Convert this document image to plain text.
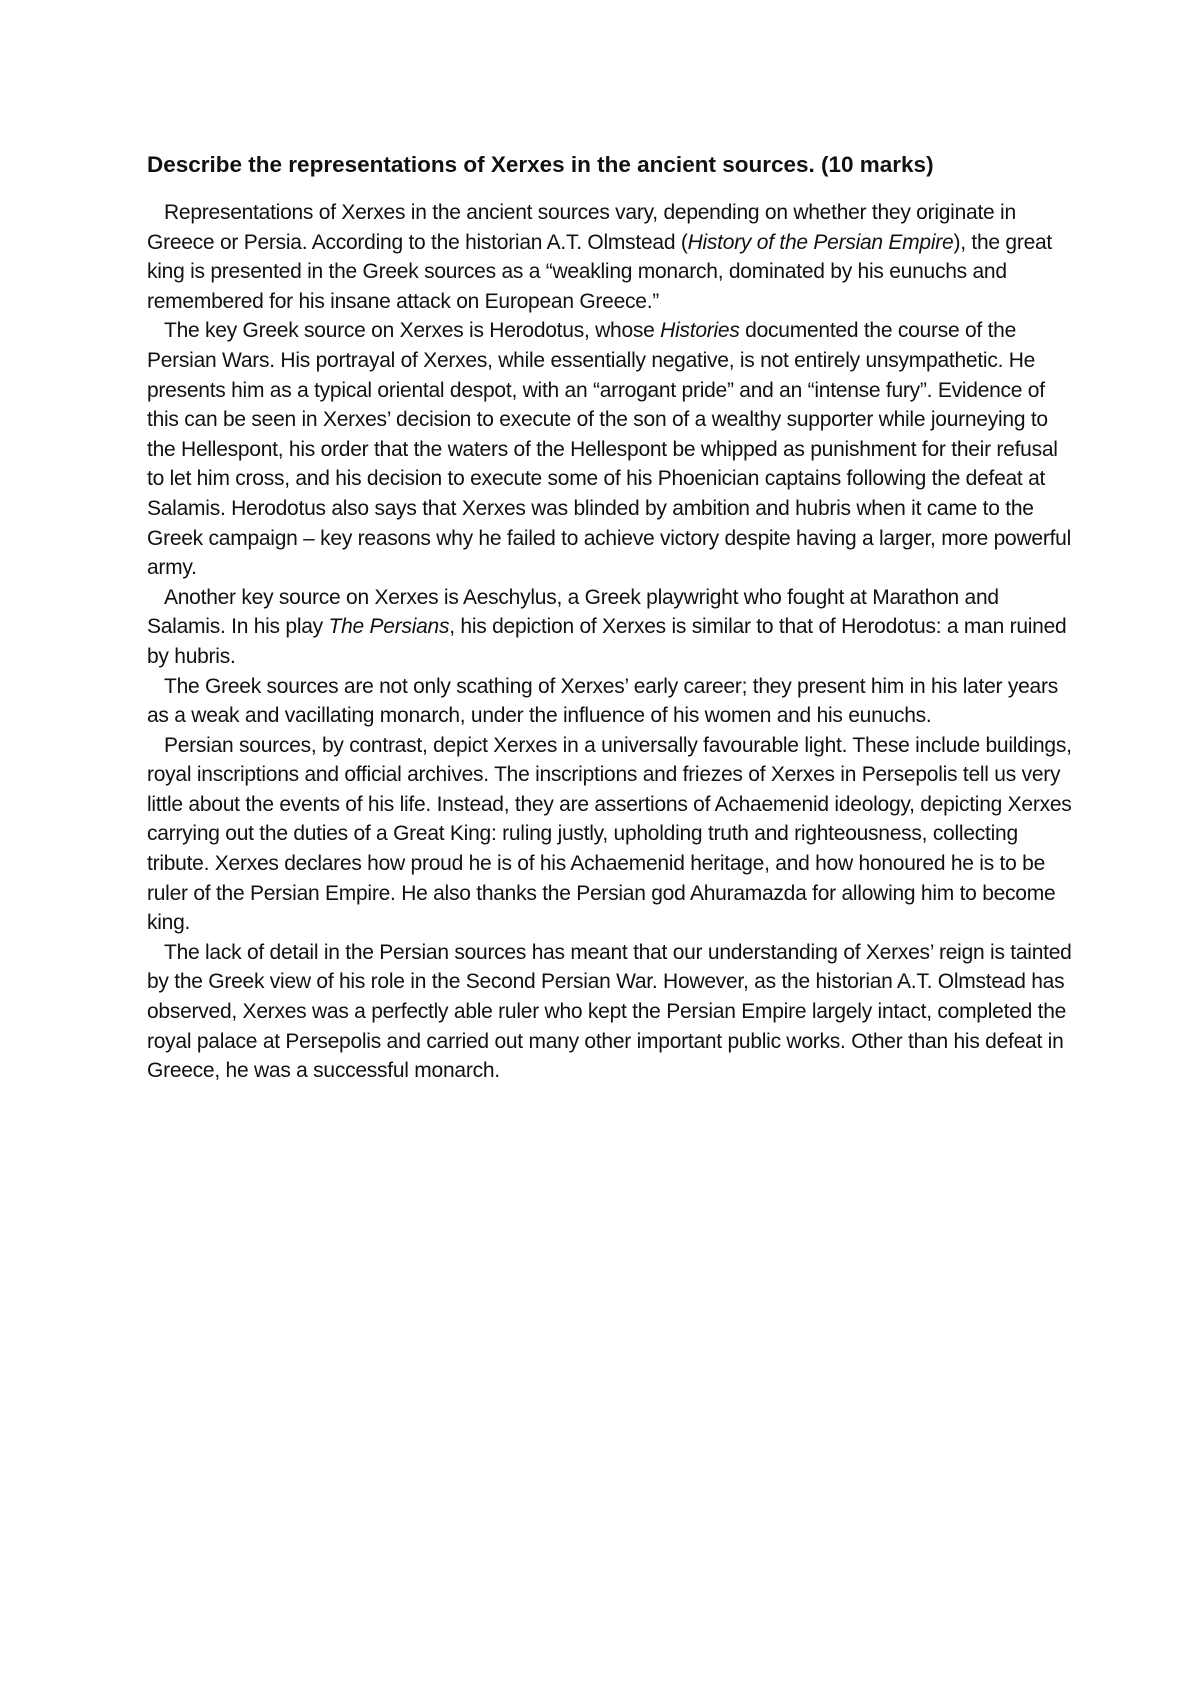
Describe the representations of Xerxes in the ancient sources. (10 marks)

Representations of Xerxes in the ancient sources vary, depending on whether they originate in Greece or Persia. According to the historian A.T. Olmstead (History of the Persian Empire), the great king is presented in the Greek sources as a “weakling monarch, dominated by his eunuchs and remembered for his insane attack on European Greece.”

The key Greek source on Xerxes is Herodotus, whose Histories documented the course of the Persian Wars. His portrayal of Xerxes, while essentially negative, is not entirely unsympathetic. He presents him as a typical oriental despot, with an “arrogant pride” and an “intense fury”. Evidence of this can be seen in Xerxes’ decision to execute of the son of a wealthy supporter while journeying to the Hellespont, his order that the waters of the Hellespont be whipped as punishment for their refusal to let him cross, and his decision to execute some of his Phoenician captains following the defeat at Salamis. Herodotus also says that Xerxes was blinded by ambition and hubris when it came to the Greek campaign – key reasons why he failed to achieve victory despite having a larger, more powerful army.

Another key source on Xerxes is Aeschylus, a Greek playwright who fought at Marathon and Salamis. In his play The Persians, his depiction of Xerxes is similar to that of Herodotus: a man ruined by hubris.

The Greek sources are not only scathing of Xerxes’ early career; they present him in his later years as a weak and vacillating monarch, under the influence of his women and his eunuchs.

Persian sources, by contrast, depict Xerxes in a universally favourable light. These include buildings, royal inscriptions and official archives. The inscriptions and friezes of Xerxes in Persepolis tell us very little about the events of his life. Instead, they are assertions of Achaemenid ideology, depicting Xerxes carrying out the duties of a Great King: ruling justly, upholding truth and righteousness, collecting tribute. Xerxes declares how proud he is of his Achaemenid heritage, and how honoured he is to be ruler of the Persian Empire. He also thanks the Persian god Ahuramazda for allowing him to become king.

The lack of detail in the Persian sources has meant that our understanding of Xerxes’ reign is tainted by the Greek view of his role in the Second Persian War. However, as the historian A.T. Olmstead has observed, Xerxes was a perfectly able ruler who kept the Persian Empire largely intact, completed the royal palace at Persepolis and carried out many other important public works. Other than his defeat in Greece, he was a successful monarch.
